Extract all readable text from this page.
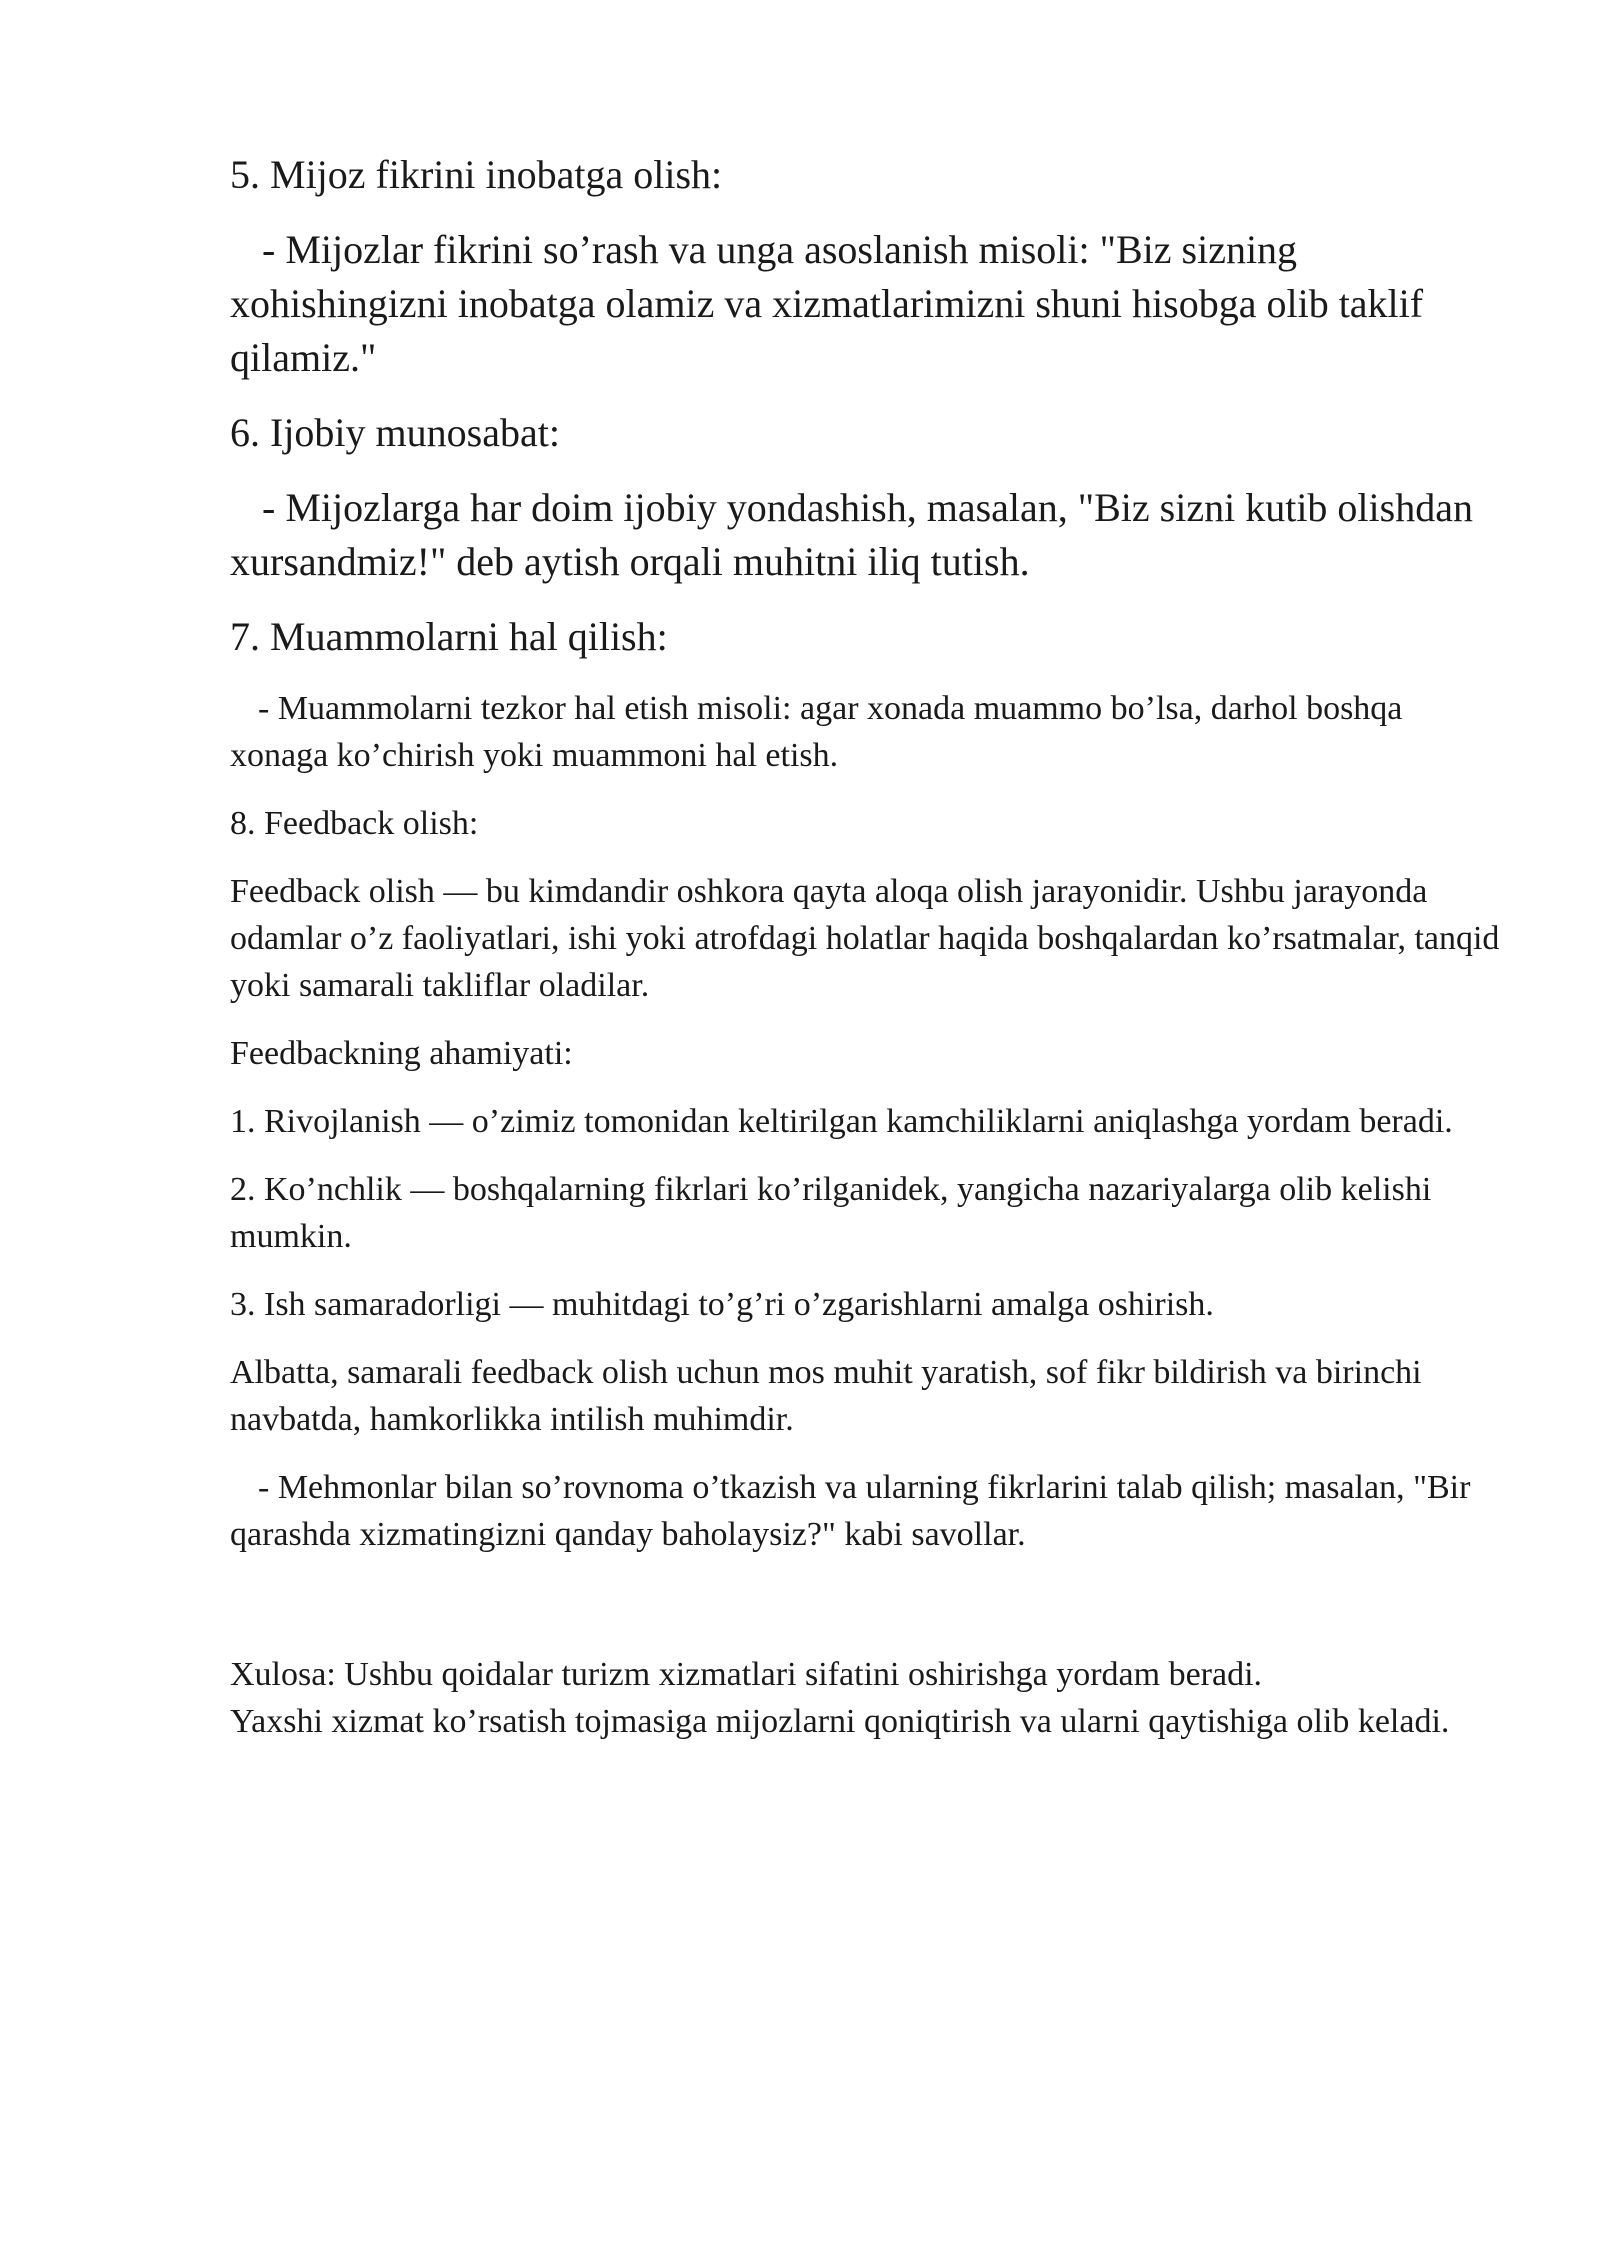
5. Mijoz fikrini inobatga olish:

- Mijozlar fikrini so’rash va unga asoslanish misoli: "Biz sizning xohishingizni inobatga olamiz va xizmatlarimizni shuni hisobga olib taklif qilamiz."

6. Ijobiy munosabat:

- Mijozlarga har doim ijobiy yondashish, masalan, "Biz sizni kutib olishdan xursandmiz!" deb aytish orqali muhitni iliq tutish.

7. Muammolarni hal qilish:

- Muammolarni tezkor hal etish misoli: agar xonada muammo bo’lsa, darhol boshqa xonaga ko’chirish yoki muammoni hal etish.

8. Feedback olish:

Feedback olish — bu kimdandir oshkora qayta aloqa olish jarayonidir. Ushbu jarayonda odamlar o’z faoliyatlari, ishi yoki atrofdagi holatlar haqida boshqalardan ko’rsatmalar, tanqid yoki samarali takliflar oladilar.

Feedbackning ahamiyati:

1. Rivojlanish — o’zimiz tomonidan keltirilgan kamchiliklarni aniqlashga yordam beradi.

2. Ko’nchlik — boshqalarning fikrlari ko’rilganidek, yangicha nazariyalarga olib kelishi mumkin.

3. Ish samaradorligi — muhitdagi to’g’ri o’zgarishlarni amalga oshirish.

Albatta, samarali feedback olish uchun mos muhit yaratish, sof fikr bildirish va birinchi navbatda, hamkorlikka intilish muhimdir.

- Mehmonlar bilan so’rovnoma o’tkazish va ularning fikrlarini talab qilish; masalan, "Bir qarashda xizmatingizni qanday baholaysiz?" kabi savollar.

Xulosa: Ushbu qoidalar turizm xizmatlari sifatini oshirishga yordam beradi.
Yaxshi xizmat ko’rsatish tojmasiga mijozlarni qoniqtirish va ularni qaytishiga olib keladi.
